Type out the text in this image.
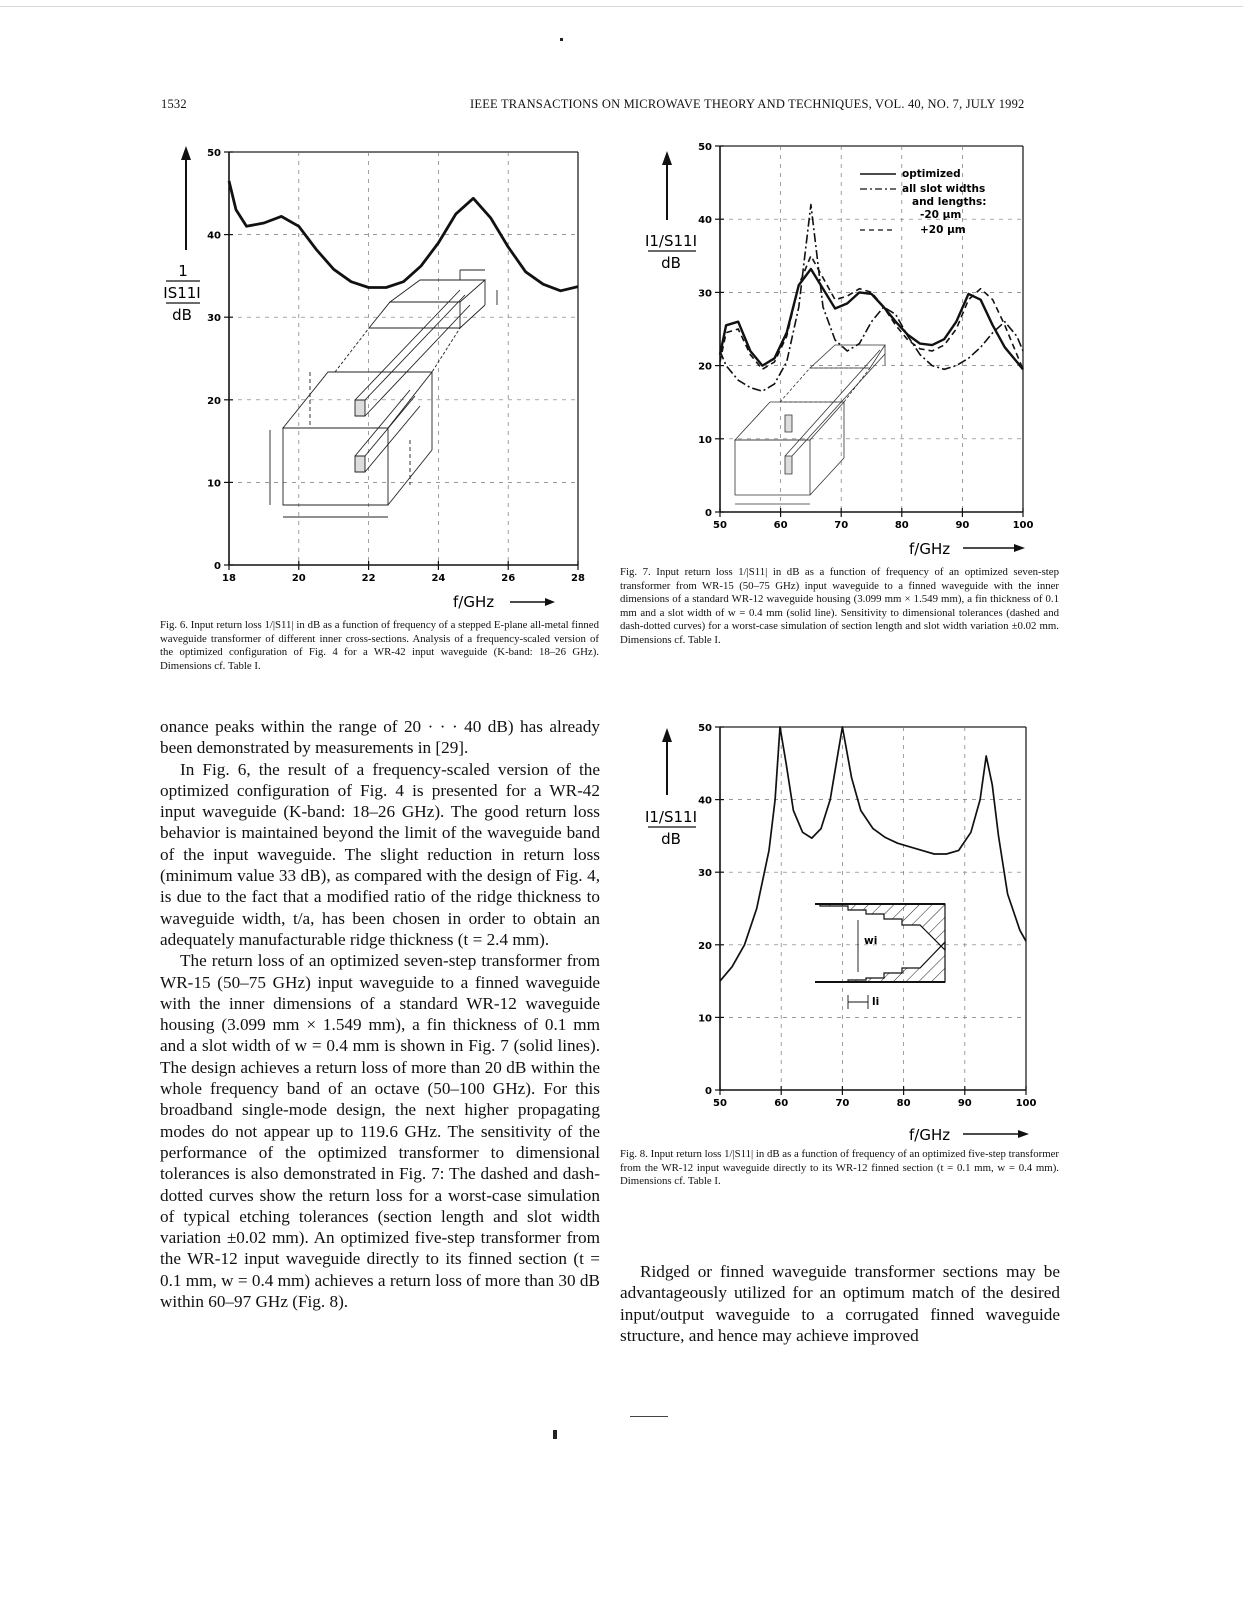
1532	IEEE TRANSACTIONS ON MICROWAVE THEORY AND TECHNIQUES, VOL. 40, NO. 7, JULY 1992
1
IS11I
dB
f/GHz
0
10
20
30
40
50
18	20	22	24	26	28
Fig. 6. Input return loss 1/|S11| in dB as a function of frequency of a stepped E-plane all-metal finned waveguide transformer of different inner cross-sections. Analysis of a frequency-scaled version of the optimized configuration of Fig. 4 for a WR-42 input waveguide (K-band: 18–26 GHz). Dimensions cf. Table I.
I1/S11I
dB
f/GHz
optimized
all slot widths
and lengths:
-20 µm
+20 µm
0
10
20
30
40
50
50	60	70	80	90	100
Fig. 7. Input return loss 1/|S11| in dB as a function of frequency of an optimized seven-step transformer from WR-15 (50–75 GHz) input waveguide to a finned waveguide with the inner dimensions of a standard WR-12 waveguide housing (3.099 mm × 1.549 mm), a fin thickness of 0.1 mm and a slot width of w = 0.4 mm (solid line). Sensitivity to dimensional tolerances (dashed and dash-dotted curves) for a worst-case simulation of section length and slot width variation ±0.02 mm. Dimensions cf. Table I.
I1/S11I
dB
f/GHz
wi
li
0
10
20
30
40
50
50	60	70	80	90	100
Fig. 8. Input return loss 1/|S11| in dB as a function of frequency of an optimized five-step transformer from the WR-12 input waveguide directly to its WR-12 finned section (t = 0.1 mm, w = 0.4 mm). Dimensions cf. Table I.

onance peaks within the range of 20 · · · 40 dB) has already been demonstrated by measurements in [29].

In Fig. 6, the result of a frequency-scaled version of the optimized configuration of Fig. 4 is presented for a WR-42 input waveguide (K-band: 18–26 GHz). The good return loss behavior is maintained beyond the limit of the waveguide band of the input waveguide. The slight reduction in return loss (minimum value 33 dB), as compared with the design of Fig. 4, is due to the fact that a modified ratio of the ridge thickness to waveguide width, t/a, has been chosen in order to obtain an adequately manufacturable ridge thickness (t = 2.4 mm).

The return loss of an optimized seven-step transformer from WR-15 (50–75 GHz) input waveguide to a finned waveguide with the inner dimensions of a standard WR-12 waveguide housing (3.099 mm × 1.549 mm), a fin thickness of 0.1 mm and a slot width of w = 0.4 mm is shown in Fig. 7 (solid lines). The design achieves a return loss of more than 20 dB within the whole frequency band of an octave (50–100 GHz). For this broadband single-mode design, the next higher propagating modes do not appear up to 119.6 GHz. The sensitivity of the performance of the optimized transformer to dimensional tolerances is also demonstrated in Fig. 7: The dashed and dash-dotted curves show the return loss for a worst-case simulation of typical etching tolerances (section length and slot width variation ±0.02 mm). An optimized five-step transformer from the WR-12 input waveguide directly to its finned section (t = 0.1 mm, w = 0.4 mm) achieves a return loss of more than 30 dB within 60–97 GHz (Fig. 8).

Ridged or finned waveguide transformer sections may be advantageously utilized for an optimum match of the desired input/output waveguide to a corrugated finned waveguide structure, and hence may achieve improved
